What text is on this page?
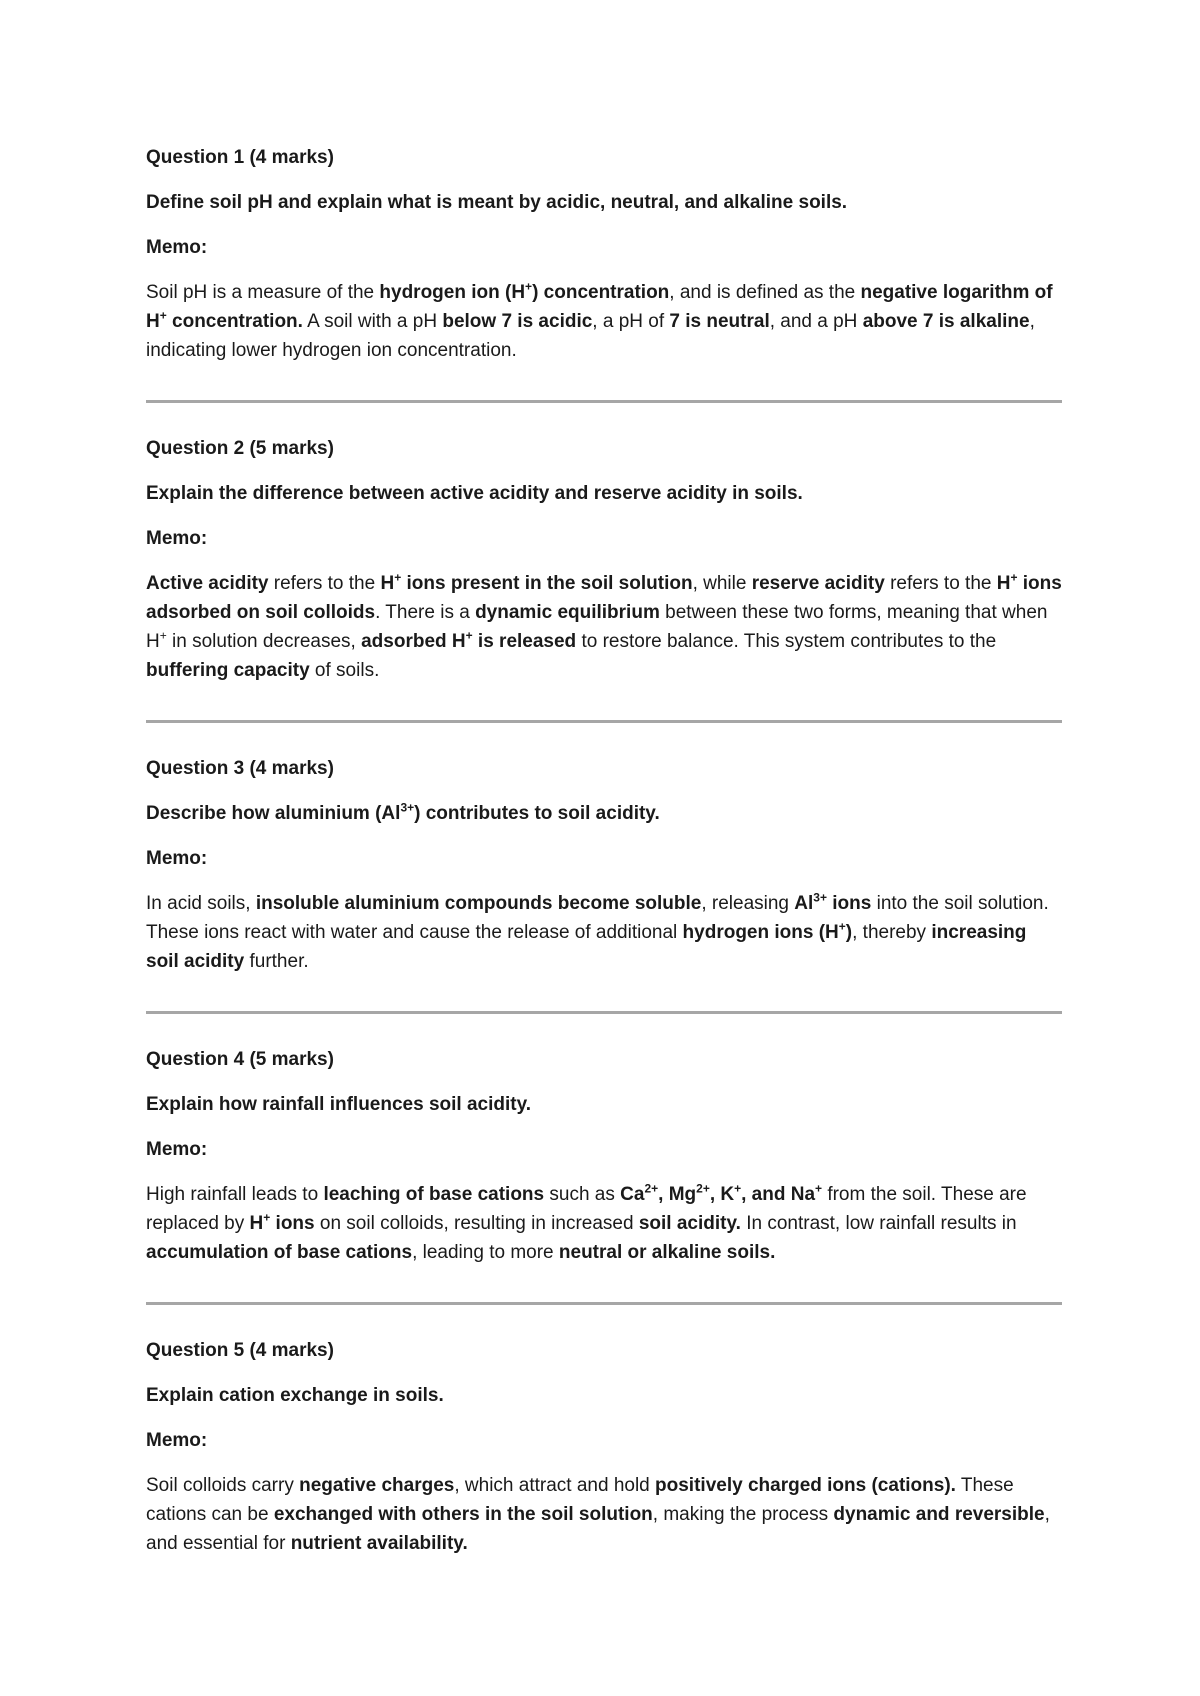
Question 1 (4 marks)
Define soil pH and explain what is meant by acidic, neutral, and alkaline soils.
Memo:

Soil pH is a measure of the hydrogen ion (H+) concentration, and is defined as the negative logarithm of H+ concentration. A soil with a pH below 7 is acidic, a pH of 7 is neutral, and a pH above 7 is alkaline, indicating lower hydrogen ion concentration.

Question 2 (5 marks)
Explain the difference between active acidity and reserve acidity in soils.
Memo:

Active acidity refers to the H+ ions present in the soil solution, while reserve acidity refers to the H+ ions adsorbed on soil colloids. There is a dynamic equilibrium between these two forms, meaning that when H+ in solution decreases, adsorbed H+ is released to restore balance. This system contributes to the buffering capacity of soils.

Question 3 (4 marks)
Describe how aluminium $(Al^{3+})$ contributes to soil acidity.
Memo:

In acid soils, insoluble aluminium compounds become soluble, releasing $Al^{3+}$ ions into the soil solution. These ions react with water and cause the release of additional hydrogen ions (H+), thereby increasing soil acidity further.

Question 4 (5 marks)
Explain how rainfall influences soil acidity.
Memo:

High rainfall leads to leaching of base cations such as $Ca^{2+}$, $Mg^{2+}$, K+, and Na+ from the soil. These are replaced by H+ ions on soil colloids, resulting in increased soil acidity. In contrast, low rainfall results in accumulation of base cations, leading to more neutral or alkaline soils.

Question 5 (4 marks)
Explain cation exchange in soils.
Memo:

Soil colloids carry negative charges, which attract and hold positively charged ions (cations). These cations can be exchanged with others in the soil solution, making the process dynamic and reversible, and essential for nutrient availability.
